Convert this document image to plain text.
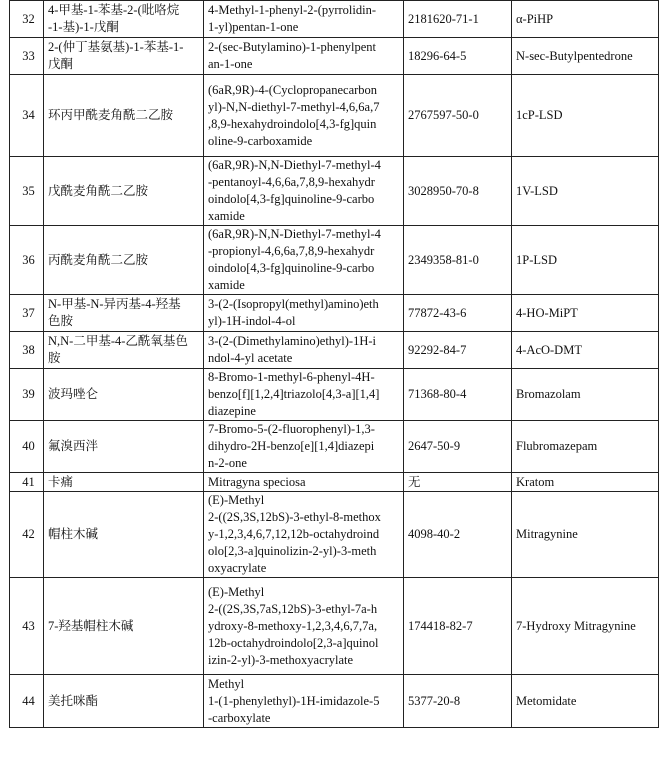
32	4-甲基-1-苯基-2-(吡咯烷
-1-基)-1-戊酮	4-Methyl-1-phenyl-2-(pyrrolidin-
1-yl)pentan-1-one	2181620-71-1	α-PiHP
33	2-(仲丁基氨基)-1-苯基-1-
戊酮	2-(sec-Butylamino)-1-phenylpent
an-1-one	18296-64-5	N-sec-Butylpentedrone
34	环丙甲酰麦角酰二乙胺	(6aR,9R)-4-(Cyclopropanecarbon
yl)-N,N-diethyl-7-methyl-4,6,6a,7
,8,9-hexahydroindolo[4,3-fg]quin
oline-9-carboxamide	2767597-50-0	1cP-LSD
35	戊酰麦角酰二乙胺	(6aR,9R)-N,N-Diethyl-7-methyl-4
-pentanoyl-4,6,6a,7,8,9-hexahydr
oindolo[4,3-fg]quinoline-9-carbo
xamide	3028950-70-8	1V-LSD
36	丙酰麦角酰二乙胺	(6aR,9R)-N,N-Diethyl-7-methyl-4
-propionyl-4,6,6a,7,8,9-hexahydr
oindolo[4,3-fg]quinoline-9-carbo
xamide	2349358-81-0	1P-LSD
37	N-甲基-N-异丙基-4-羟基
色胺	3-(2-(Isopropyl(methyl)amino)eth
yl)-1H-indol-4-ol	77872-43-6	4-HO-MiPT
38	N,N-二甲基-4-乙酰氧基色
胺	3-(2-(Dimethylamino)ethyl)-1H-i
ndol-4-yl acetate	92292-84-7	4-AcO-DMT
39	波玛唑仑	8-Bromo-1-methyl-6-phenyl-4H-
benzo[f][1,2,4]triazolo[4,3-a][1,4]
diazepine	71368-80-4	Bromazolam
40	氟溴西泮	7-Bromo-5-(2-fluorophenyl)-1,3-
dihydro-2H-benzo[e][1,4]diazepi
n-2-one	2647-50-9	Flubromazepam
41	卡痛	Mitragyna speciosa	无	Kratom
42	帽柱木碱	(E)-Methyl
2-((2S,3S,12bS)-3-ethyl-8-methox
y-1,2,3,4,6,7,12,12b-octahydroind
olo[2,3-a]quinolizin-2-yl)-3-meth
oxyacrylate	4098-40-2	Mitragynine
43	7-羟基帽柱木碱	(E)-Methyl
2-((2S,3S,7aS,12bS)-3-ethyl-7a-h
ydroxy-8-methoxy-1,2,3,4,6,7,7a,
12b-octahydroindolo[2,3-a]quinol
izin-2-yl)-3-methoxyacrylate	174418-82-7	7-Hydroxy Mitragynine
44	美托咪酯	Methyl
1-(1-phenylethyl)-1H-imidazole-5
-carboxylate	5377-20-8	Metomidate
